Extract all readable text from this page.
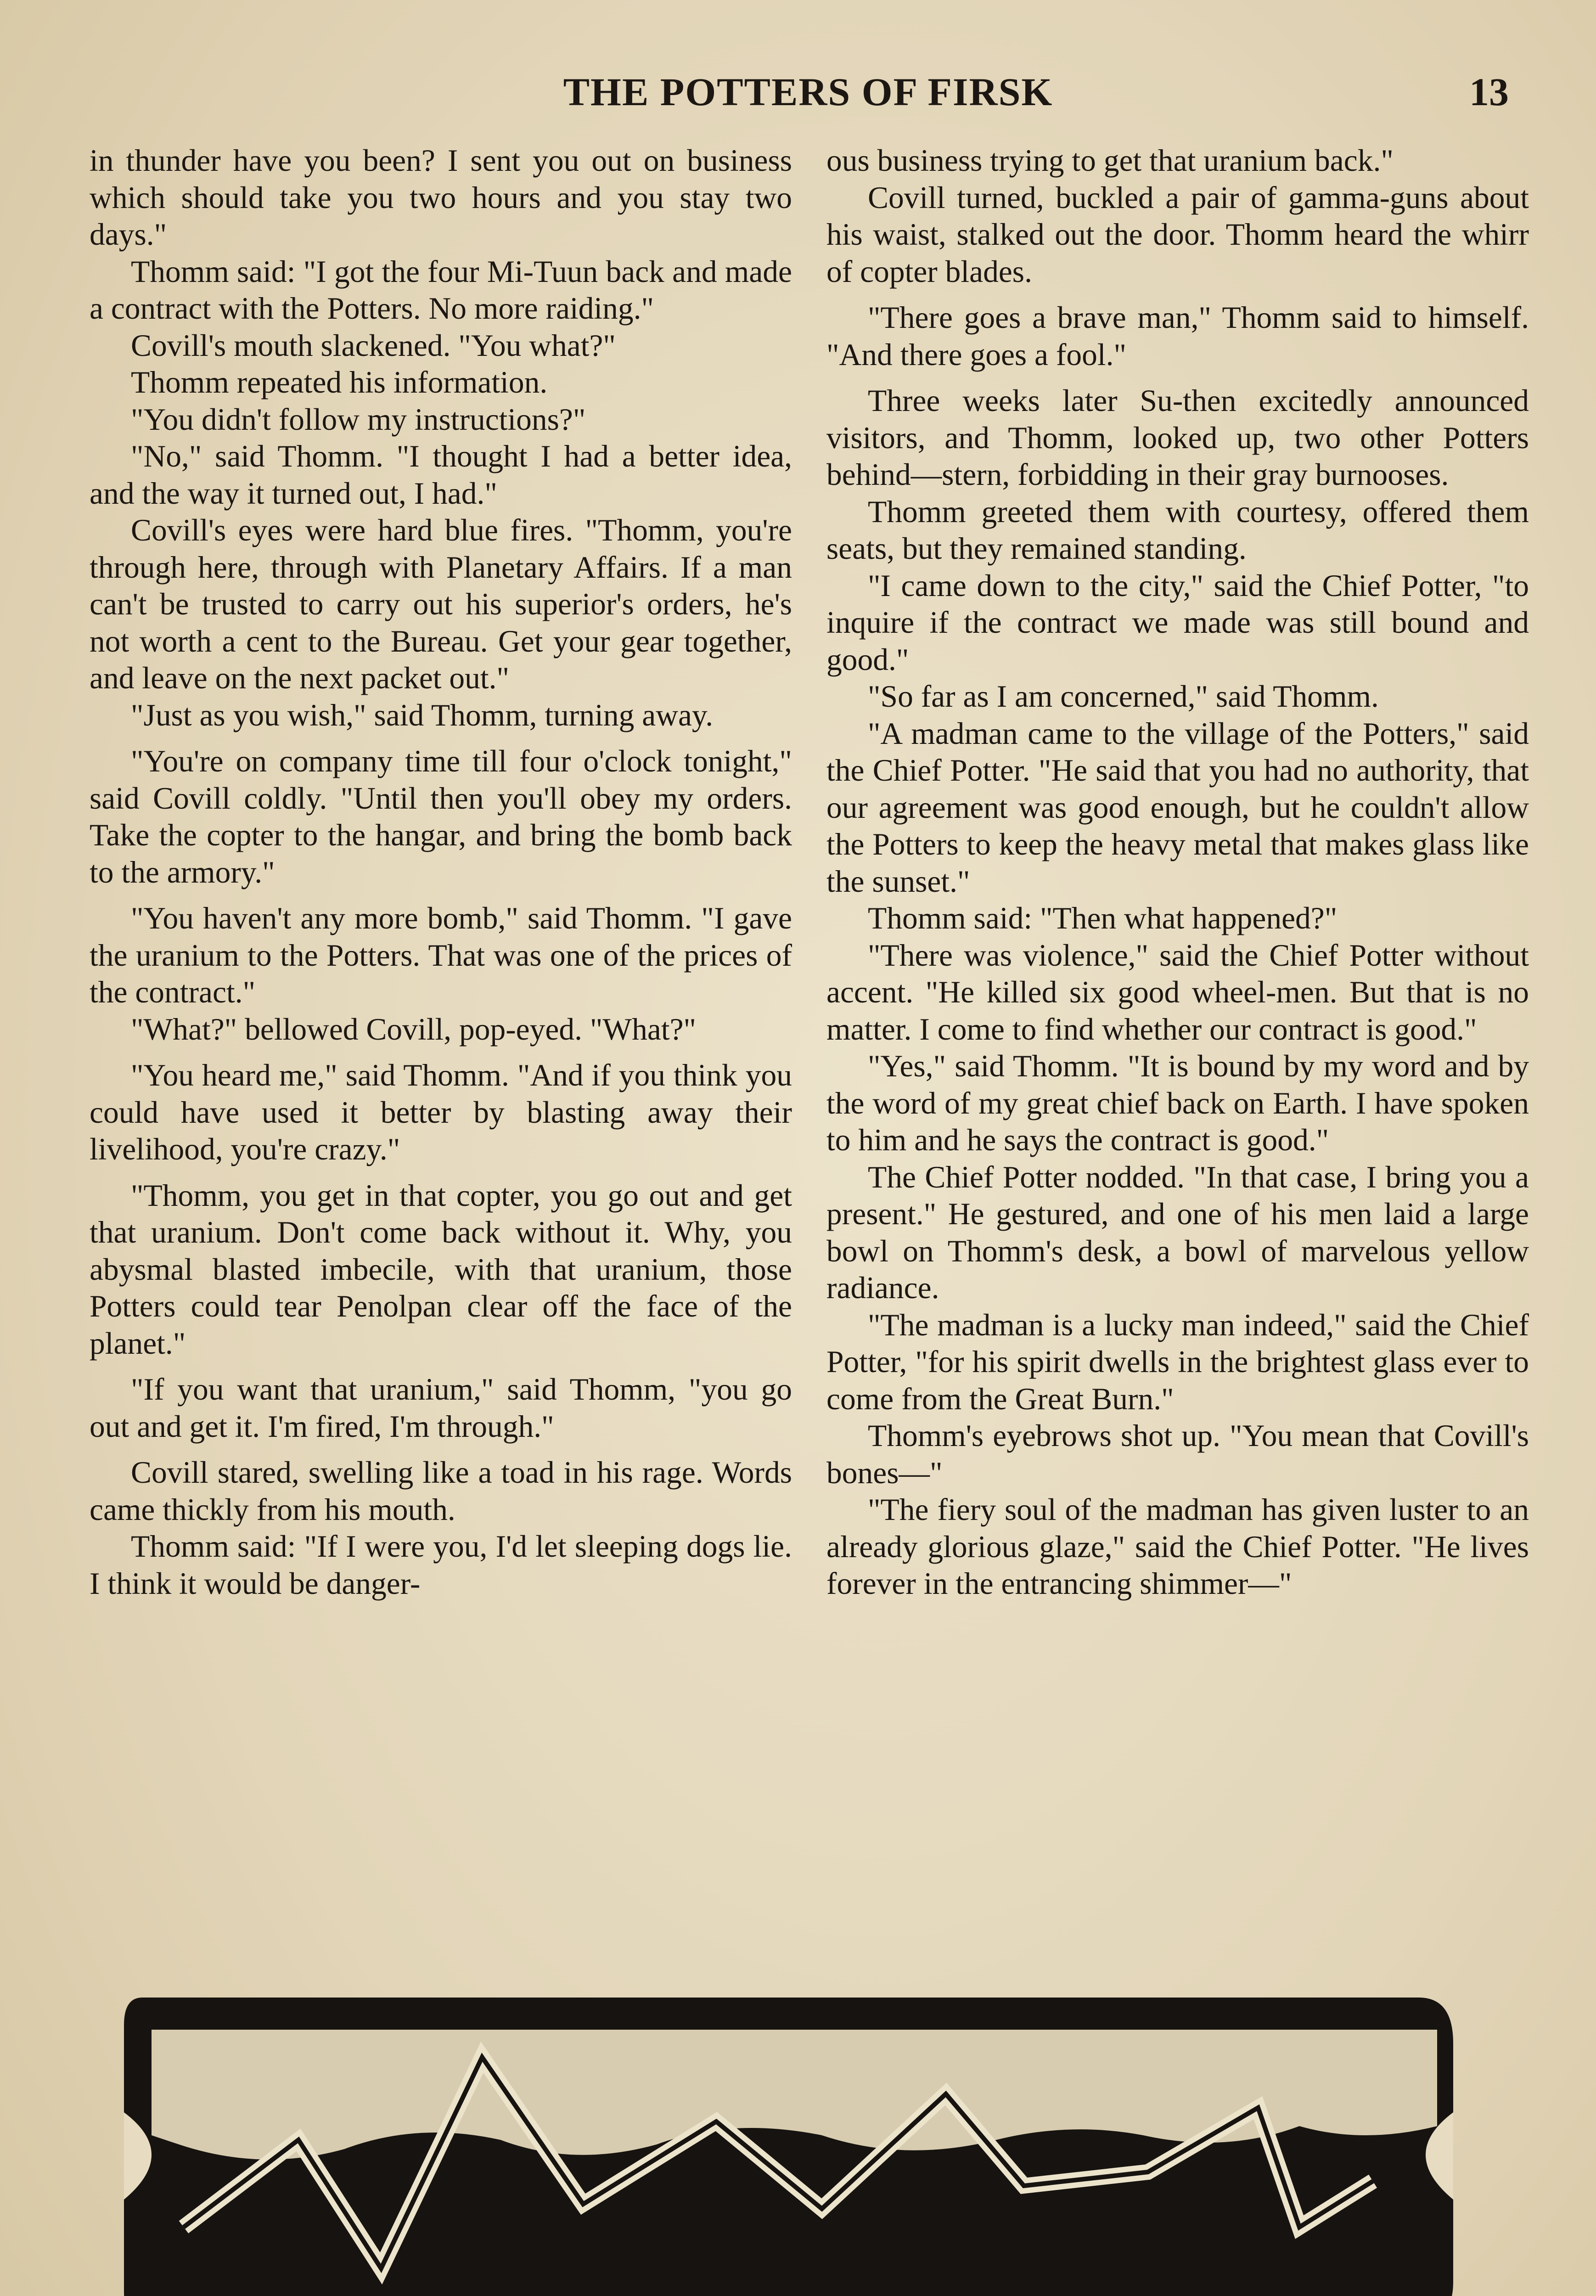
THE POTTERS OF FIRSK	13

in thunder have you been? I sent you out on business which should take you two hours and you stay two days."

Thomm said: "I got the four Mi-Tuun back and made a contract with the Potters. No more raiding."

Covill's mouth slackened. "You what?"

Thomm repeated his information.

"You didn't follow my instructions?"

"No," said Thomm. "I thought I had a better idea, and the way it turned out, I had."

Covill's eyes were hard blue fires. "Thomm, you're through here, through with Planetary Affairs. If a man can't be trusted to carry out his superior's orders, he's not worth a cent to the Bureau. Get your gear together, and leave on the next packet out."

"Just as you wish," said Thomm, turning away.

"You're on company time till four o'clock tonight," said Covill coldly. "Until then you'll obey my orders. Take the copter to the hangar, and bring the bomb back to the armory."

"You haven't any more bomb," said Thomm. "I gave the uranium to the Potters. That was one of the prices of the contract."

"What?" bellowed Covill, pop-eyed. "What?"

"You heard me," said Thomm. "And if you think you could have used it better by blasting away their livelihood, you're crazy."

"Thomm, you get in that copter, you go out and get that uranium. Don't come back without it. Why, you abysmal blasted imbecile, with that uranium, those Potters could tear Penolpan clear off the face of the planet."

"If you want that uranium," said Thomm, "you go out and get it. I'm fired, I'm through."

Covill stared, swelling like a toad in his rage. Words came thickly from his mouth.

Thomm said: "If I were you, I'd let sleeping dogs lie. I think it would be danger-

ous business trying to get that uranium back."

Covill turned, buckled a pair of gamma-guns about his waist, stalked out the door. Thomm heard the whirr of copter blades.

"There goes a brave man," Thomm said to himself. "And there goes a fool."

Three weeks later Su-then excitedly announced visitors, and Thomm, looked up, two other Potters behind—stern, forbidding in their gray burnooses.

Thomm greeted them with courtesy, offered them seats, but they remained standing.

"I came down to the city," said the Chief Potter, "to inquire if the contract we made was still bound and good."

"So far as I am concerned," said Thomm.

"A madman came to the village of the Potters," said the Chief Potter. "He said that you had no authority, that our agreement was good enough, but he couldn't allow the Potters to keep the heavy metal that makes glass like the sunset."

Thomm said: "Then what happened?"

"There was violence," said the Chief Potter without accent. "He killed six good wheel-men. But that is no matter. I come to find whether our contract is good."

"Yes," said Thomm. "It is bound by my word and by the word of my great chief back on Earth. I have spoken to him and he says the contract is good."

The Chief Potter nodded. "In that case, I bring you a present." He gestured, and one of his men laid a large bowl on Thomm's desk, a bowl of marvelous yellow radiance.

"The madman is a lucky man indeed," said the Chief Potter, "for his spirit dwells in the brightest glass ever to come from the Great Burn."

Thomm's eyebrows shot up. "You mean that Covill's bones—"

"The fiery soul of the madman has given luster to an already glorious glaze," said the Chief Potter. "He lives forever in the entrancing shimmer—"
